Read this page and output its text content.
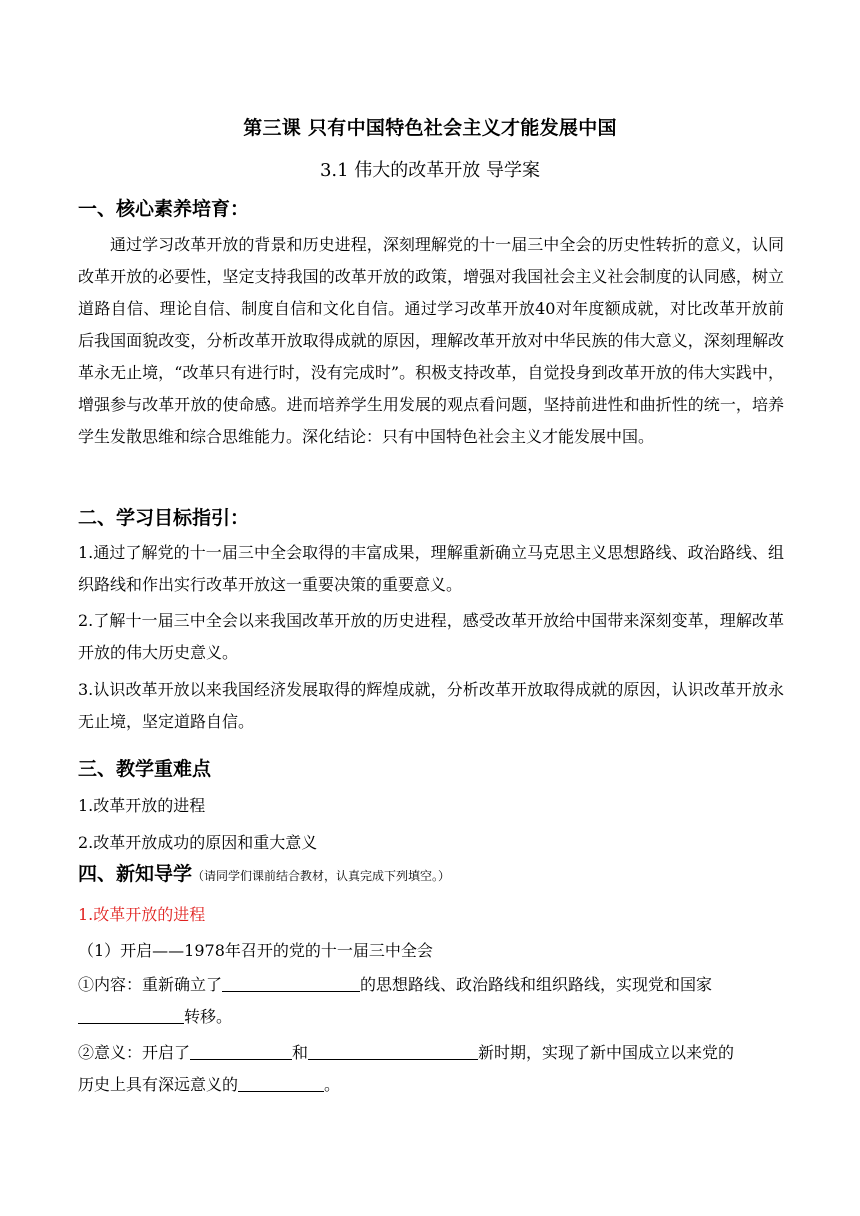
第三课 只有中国特色社会主义才能发展中国
3.1 伟大的改革开放 导学案
一、核心素养培育：

通过学习改革开放的背景和历史进程，深刻理解党的十一届三中全会的历史性转折的意义，认同改革开放的必要性，坚定支持我国的改革开放的政策，增强对我国社会主义社会制度的认同感，树立道路自信、理论自信、制度自信和文化自信。通过学习改革开放40对年度额成就，对比改革开放前后我国面貌改变，分析改革开放取得成就的原因，理解改革开放对中华民族的伟大意义，深刻理解改革永无止境，“改革只有进行时，没有完成时”。积极支持改革，自觉投身到改革开放的伟大实践中，增强参与改革开放的使命感。进而培养学生用发展的观点看问题，坚持前进性和曲折性的统一，培养学生发散思维和综合思维能力。深化结论：只有中国特色社会主义才能发展中国。

二、学习目标指引：

1.通过了解党的十一届三中全会取得的丰富成果，理解重新确立马克思主义思想路线、政治路线、组织路线和作出实行改革开放这一重要决策的重要意义。

2.了解十一届三中全会以来我国改革开放的历史进程，感受改革开放给中国带来深刻变革，理解改革开放的伟大历史意义。

3.认识改革开放以来我国经济发展取得的辉煌成就，分析改革开放取得成就的原因，认识改革开放永无止境，坚定道路自信。

三、教学重难点

1.改革开放的进程

2.改革开放成功的原因和重大意义

四、新知导学（请同学们课前结合教材，认真完成下列填空。）

1.改革开放的进程

（1）开启——1978年召开的党的十一届三中全会

①内容：重新确立了	的思想路线、政治路线和组织路线，实现党和国家
转移。

②意义：开启了	和	新时期，实现了新中国成立以来党的
历史上具有深远意义的	。
